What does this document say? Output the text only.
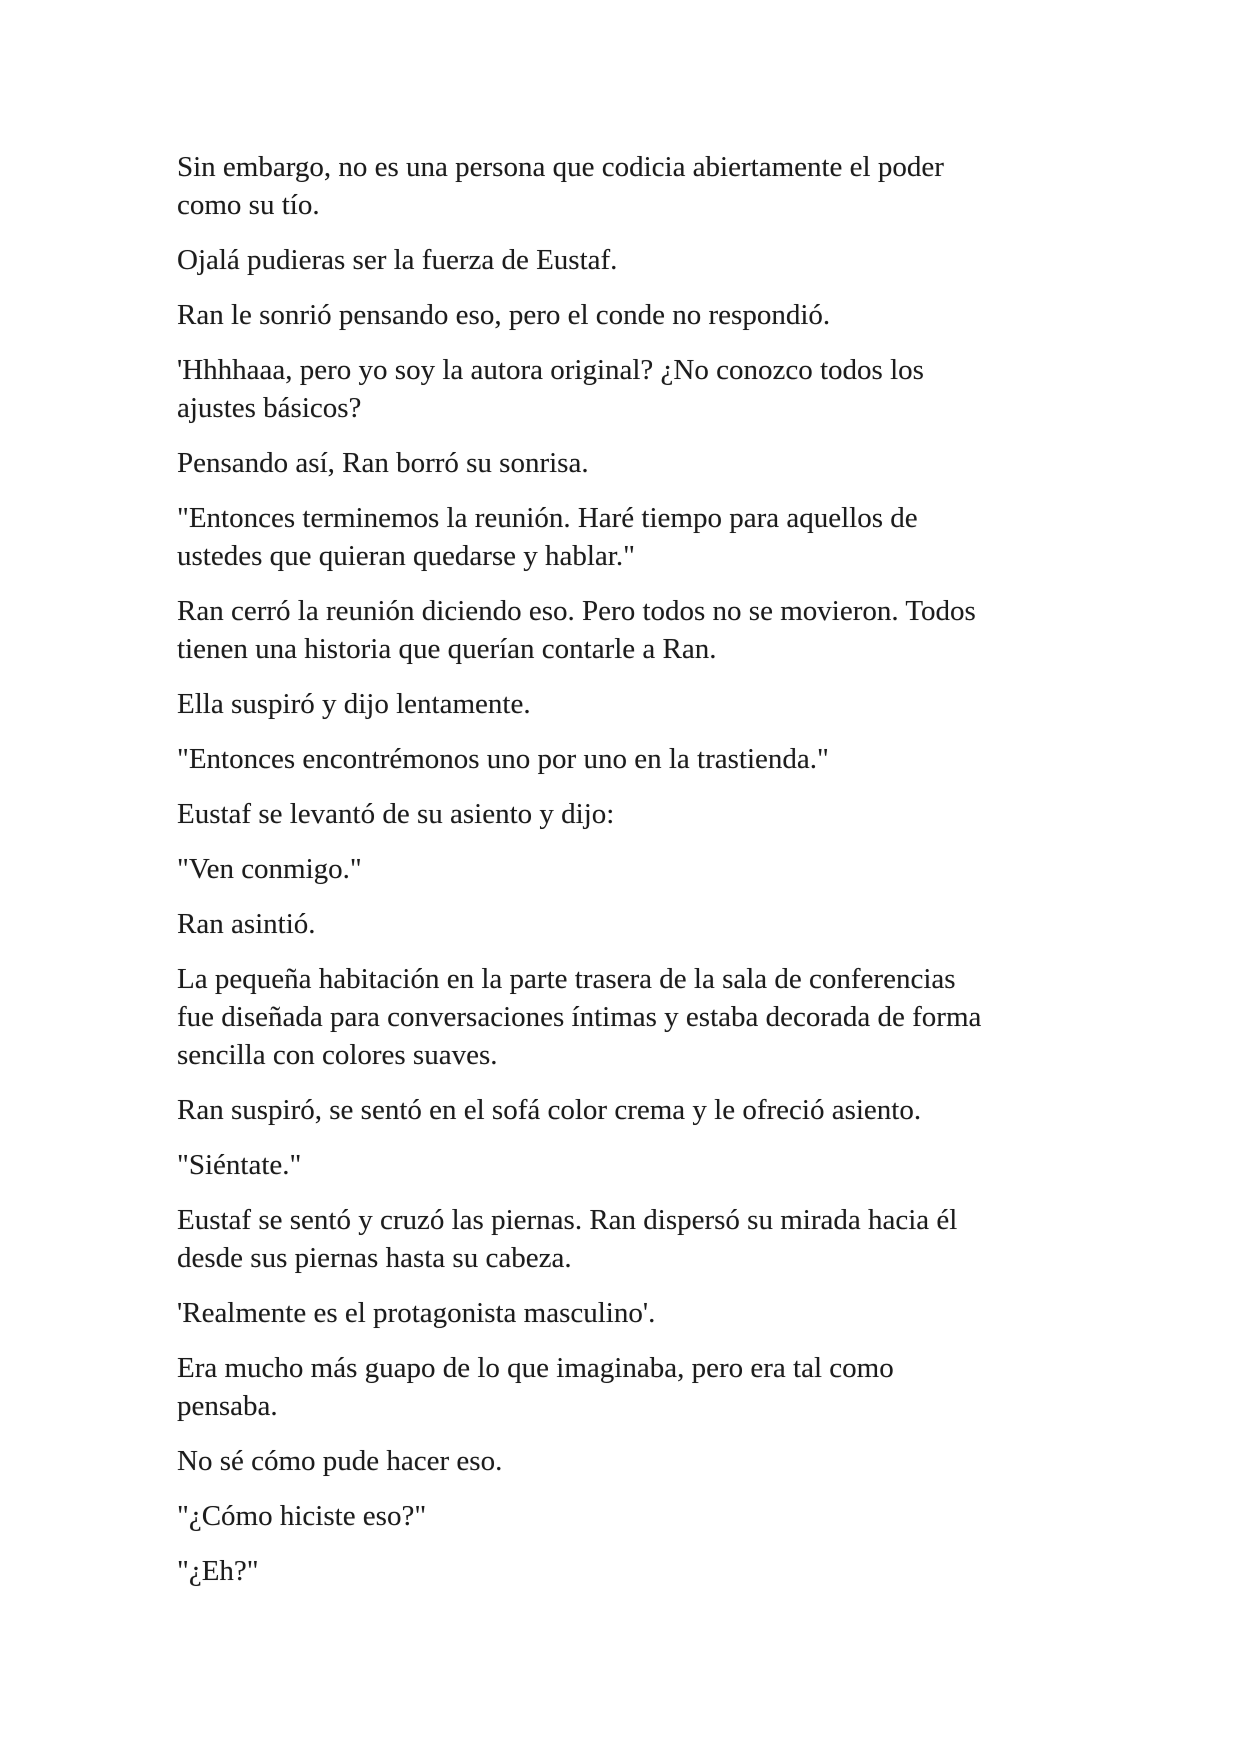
Sin embargo, no es una persona que codicia abiertamente el poder
como su tío.

Ojalá pudieras ser la fuerza de Eustaf.

Ran le sonrió pensando eso, pero el conde no respondió.

'Hhhhaaa, pero yo soy la autora original? ¿No conozco todos los
ajustes básicos?

Pensando así, Ran borró su sonrisa.

"Entonces terminemos la reunión. Haré tiempo para aquellos de
ustedes que quieran quedarse y hablar."

Ran cerró la reunión diciendo eso. Pero todos no se movieron. Todos
tienen una historia que querían contarle a Ran.

Ella suspiró y dijo lentamente.

"Entonces encontrémonos uno por uno en la trastienda."

Eustaf se levantó de su asiento y dijo:

"Ven conmigo."

Ran asintió.

La pequeña habitación en la parte trasera de la sala de conferencias
fue diseñada para conversaciones íntimas y estaba decorada de forma
sencilla con colores suaves.

Ran suspiró, se sentó en el sofá color crema y le ofreció asiento.

"Siéntate."

Eustaf se sentó y cruzó las piernas. Ran dispersó su mirada hacia él
desde sus piernas hasta su cabeza.

'Realmente es el protagonista masculino'.

Era mucho más guapo de lo que imaginaba, pero era tal como
pensaba.

No sé cómo pude hacer eso.

"¿Cómo hiciste eso?"

"¿Eh?"
